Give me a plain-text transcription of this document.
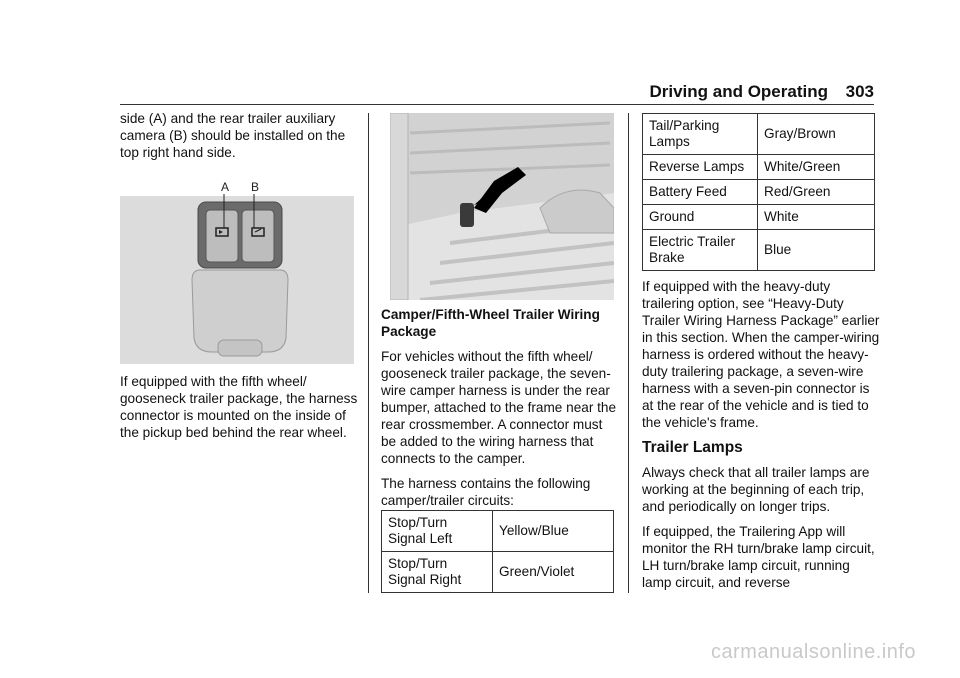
Driving and Operating 303

side (A) and the rear trailer auxiliary camera (B) should be installed on the top right hand side.

A B

If equipped with the fifth wheel/ gooseneck trailer package, the harness connector is mounted on the inside of the pickup bed behind the rear wheel.

Camper/Fifth-Wheel Trailer Wiring Package

For vehicles without the fifth wheel/ gooseneck trailer package, the seven-wire camper harness is under the rear bumper, attached to the frame near the rear crossmember. A connector must be added to the wiring harness that connects to the camper.

The harness contains the following camper/trailer circuits:

Stop/Turn Signal Left	Yellow/Blue
Stop/Turn Signal Right	Green/Violet
Tail/Parking Lamps	Gray/Brown
Reverse Lamps	White/Green
Battery Feed	Red/Green
Ground	White
Electric Trailer Brake	Blue

If equipped with the heavy-duty trailering option, see “Heavy-Duty Trailer Wiring Harness Package” earlier in this section. When the camper-wiring harness is ordered without the heavy-duty trailering package, a seven-wire harness with a seven-pin connector is at the rear of the vehicle and is tied to the vehicle's frame.

Trailer Lamps

Always check that all trailer lamps are working at the beginning of each trip, and periodically on longer trips.

If equipped, the Trailering App will monitor the RH turn/brake lamp circuit, LH turn/brake lamp circuit, running lamp circuit, and reverse

carmanualsonline.info
